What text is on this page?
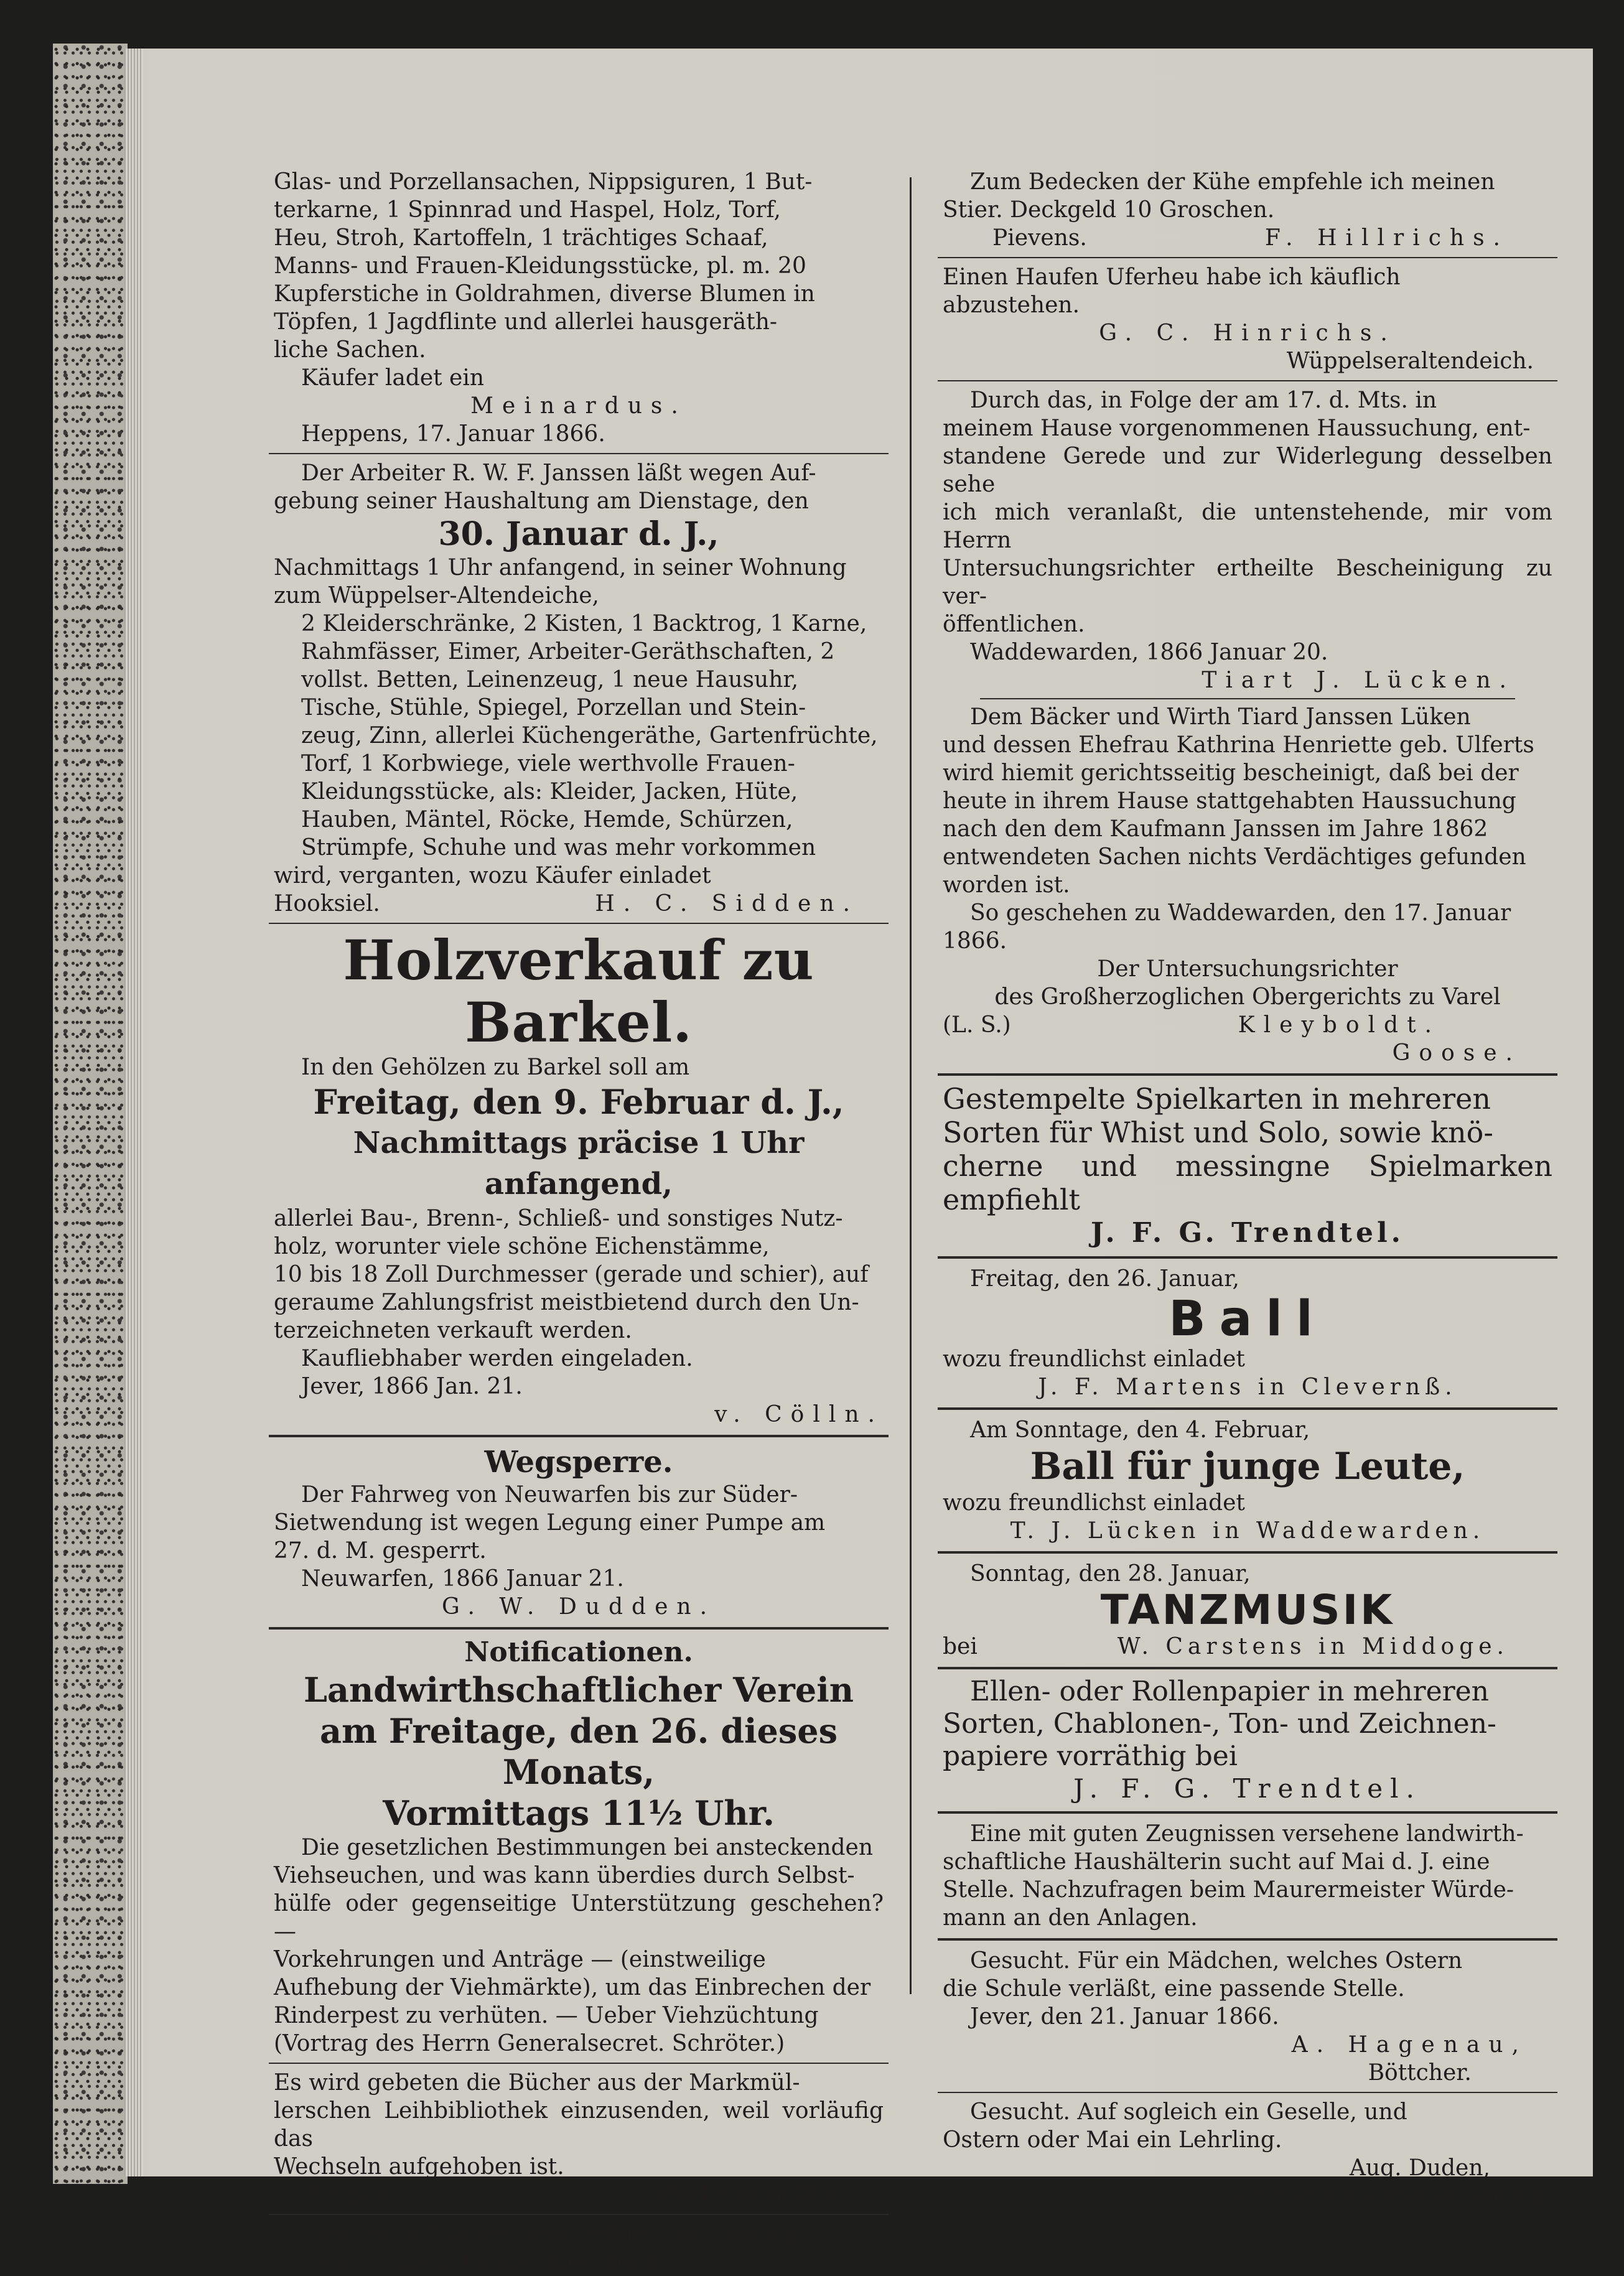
Glas- und Porzellansachen, Nippsiguren, 1 But-

terkarne, 1 Spinnrad und Haspel, Holz, Torf,

Heu, Stroh, Kartoffeln, 1 trächtiges Schaaf,

Manns- und Frauen-Kleidungsstücke, pl. m. 20

Kupferstiche in Goldrahmen, diverse Blumen in

Töpfen, 1 Jagdflinte und allerlei hausgeräth-

liche Sachen.

Käufer ladet ein

Meinardus.

Heppens, 17. Januar 1866.

Der Arbeiter R. W. F. Janssen läßt wegen Auf-

gebung seiner Haushaltung am Dienstage, den

30. Januar d. J.,

Nachmittags 1 Uhr anfangend, in seiner Wohnung

zum Wüppelser-Altendeiche,

2 Kleiderschränke, 2 Kisten, 1 Backtrog, 1 Karne,

Rahmfässer, Eimer, Arbeiter-Geräthschaften, 2

vollst. Betten, Leinenzeug, 1 neue Hausuhr,

Tische, Stühle, Spiegel, Porzellan und Stein-

zeug, Zinn, allerlei Küchengeräthe, Gartenfrüchte,

Torf, 1 Korbwiege, viele werthvolle Frauen-

Kleidungsstücke, als: Kleider, Jacken, Hüte,

Hauben, Mäntel, Röcke, Hemde, Schürzen,

Strümpfe, Schuhe und was mehr vorkommen

wird, verganten, wozu Käufer einladet

Hooksiel.	H. C. Sidden.

Holzverkauf zu Barkel.

In den Gehölzen zu Barkel soll am

Freitag, den 9. Februar d. J.,

Nachmittags präcise 1 Uhr anfangend,

allerlei Bau-, Brenn-, Schließ- und sonstiges Nutz-

holz, worunter viele schöne Eichenstämme,

10 bis 18 Zoll Durchmesser (gerade und schier), auf

geraume Zahlungsfrist meistbietend durch den Un-

terzeichneten verkauft werden.

Kaufliebhaber werden eingeladen.

Jever, 1866 Jan. 21.

v. Cölln.

Wegsperre.

Der Fahrweg von Neuwarfen bis zur Süder-

Sietwendung ist wegen Legung einer Pumpe am

27. d. M. gesperrt.

Neuwarfen, 1866 Januar 21.

G. W. Dudden.

Notificationen.

Landwirthschaftlicher Verein

am Freitage, den 26. dieses Monats,

Vormittags 11½ Uhr.

Die gesetzlichen Bestimmungen bei ansteckenden

Viehseuchen, und was kann überdies durch Selbst-

hülfe oder gegenseitige Unterstützung geschehen? —

Vorkehrungen und Anträge — (einstweilige

Aufhebung der Viehmärkte), um das Einbrechen der

Rinderpest zu verhüten. — Ueber Viehzüchtung

(Vortrag des Herrn Generalsecret. Schröter.)

Es wird gebeten die Bücher aus der Markmül-

lerschen Leihbibliothek einzusenden, weil vorläufig das

Wechseln aufgehoben ist.

Heppens.	Markmüller Wwe.

Gesucht auf sofort oder Ostern ein Lehrling.

Jever.    Louis Lange, Klempner.

Zum Bedecken der Kühe empfehle ich meinen

Stier. Deckgeld 10 Groschen.

Pievens.	F. Hillrichs.

Einen Haufen Uferheu habe ich käuflich

abzustehen.

G. C. Hinrichs.

Wüppelseraltendeich.

Durch das, in Folge der am 17. d. Mts. in

meinem Hause vorgenommenen Haussuchung, ent-

standene Gerede und zur Widerlegung desselben sehe

ich mich veranlaßt, die untenstehende, mir vom Herrn

Untersuchungsrichter ertheilte Bescheinigung zu ver-

öffentlichen.

Waddewarden, 1866 Januar 20.

Tiart J. Lücken.

Dem Bäcker und Wirth Tiard Janssen Lüken

und dessen Ehefrau Kathrina Henriette geb. Ulferts

wird hiemit gerichtsseitig bescheinigt, daß bei der

heute in ihrem Hause stattgehabten Haussuchung

nach den dem Kaufmann Janssen im Jahre 1862

entwendeten Sachen nichts Verdächtiges gefunden

worden ist.

So geschehen zu Waddewarden, den 17. Januar

1866.

Der Untersuchungsrichter

des Großherzoglichen Obergerichts zu Varel

(L. S.)	Kleyboldt.

Goose.

Gestempelte Spielkarten in mehreren

Sorten für Whist und Solo, sowie knö-

cherne und messingne Spielmarken empfiehlt

J. F. G. Trendtel.

Freitag, den 26. Januar,

Ball

wozu freundlichst einladet

J. F. Martens in Clevernß.

Am Sonntage, den 4. Februar,

Ball für junge Leute,

wozu freundlichst einladet

T. J. Lücken in Waddewarden.

Sonntag, den 28. Januar,

TANZMUSIK

bei	W. Carstens in Middoge.

Ellen- oder Rollenpapier in mehreren

Sorten, Chablonen-, Ton- und Zeichnen-

papiere vorräthig bei

J. F. G. Trendtel.

Eine mit guten Zeugnissen versehene landwirth-

schaftliche Haushälterin sucht auf Mai d. J. eine

Stelle. Nachzufragen beim Maurermeister Würde-

mann an den Anlagen.

Gesucht. Für ein Mädchen, welches Ostern

die Schule verläßt, eine passende Stelle.

Jever, den 21. Januar 1866.

A. Hagenau,

Böttcher.

Gesucht. Auf sogleich ein Geselle, und

Ostern oder Mai ein Lehrling.

Aug. Duden,

Schmiedemeister in Gottels.
